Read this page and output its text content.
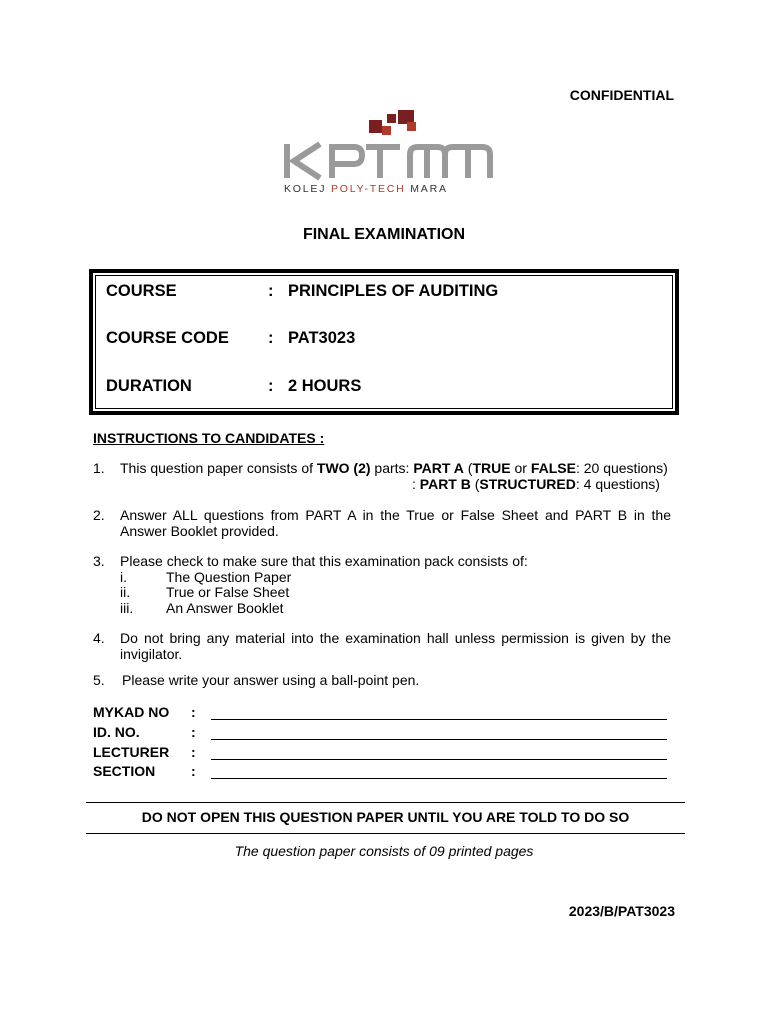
CONFIDENTIAL
KOLEJ POLY-TECH MARA
FINAL EXAMINATION
COURSE	: PRINCIPLES OF AUDITING
COURSE CODE : PAT3023
DURATION	: 2 HOURS
INSTRUCTIONS TO CANDIDATES :
1. This question paper consists of TWO (2) parts: PART A (TRUE or FALSE: 20 questions)
: PART B (STRUCTURED: 4 questions)
2. Answer ALL questions from PART A in the True or False Sheet and PART B in the Answer Booklet provided.
3. Please check to make sure that this examination pack consists of:
i.	The Question Paper
ii.	True or False Sheet
iii. An Answer Booklet
4. Do not bring any material into the examination hall unless permission is given by the invigilator.
5. Please write your answer using a ball-point pen.
MYKAD NO :
ID. NO.	:
LECTURER :
SECTION	:
DO NOT OPEN THIS QUESTION PAPER UNTIL YOU ARE TOLD TO DO SO
The question paper consists of 09 printed pages
2023/B/PAT3023
